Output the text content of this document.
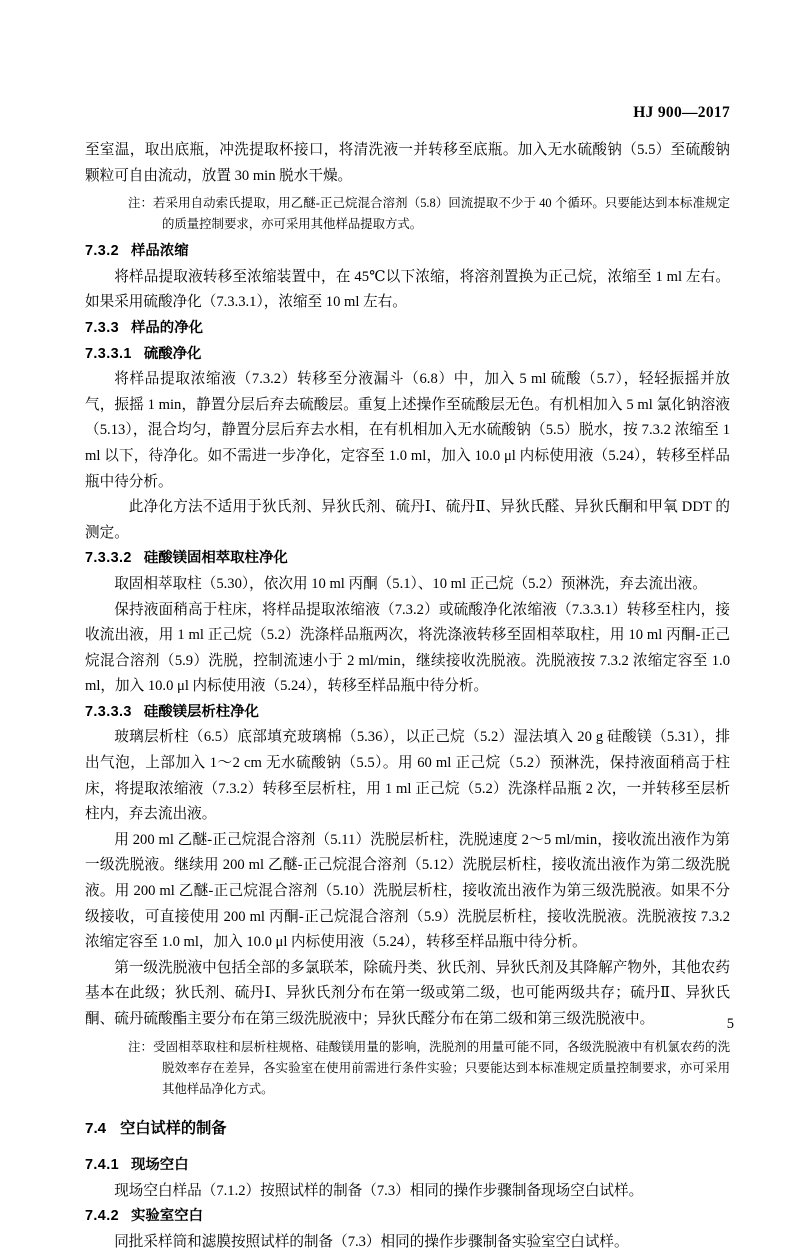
HJ 900—2017

至室温，取出底瓶，冲洗提取杯接口，将清洗液一并转移至底瓶。加入无水硫酸钠（5.5）至硫酸钠颗粒可自由流动，放置 30 min 脱水干燥。

注：若采用自动索氏提取，用乙醚-正己烷混合溶剂（5.8）回流提取不少于 40 个循环。只要能达到本标准规定的质量控制要求，亦可采用其他样品提取方式。

7.3.2 样品浓缩

将样品提取液转移至浓缩装置中，在 45℃以下浓缩，将溶剂置换为正己烷，浓缩至 1 ml 左右。如果采用硫酸净化（7.3.3.1），浓缩至 10 ml 左右。

7.3.3 样品的净化
7.3.3.1 硫酸净化

将样品提取浓缩液（7.3.2）转移至分液漏斗（6.8）中，加入 5 ml 硫酸（5.7），轻轻振摇并放气，振摇 1 min，静置分层后弃去硫酸层。重复上述操作至硫酸层无色。有机相加入 5 ml 氯化钠溶液（5.13），混合均匀，静置分层后弃去水相，在有机相加入无水硫酸钠（5.5）脱水，按 7.3.2 浓缩至 1 ml 以下，待净化。如不需进一步净化，定容至 1.0 ml，加入 10.0 μl 内标使用液（5.24），转移至样品瓶中待分析。

此净化方法不适用于狄氏剂、异狄氏剂、硫丹Ⅰ、硫丹Ⅱ、异狄氏醛、异狄氏酮和甲氧 DDT 的测定。

7.3.3.2 硅酸镁固相萃取柱净化

取固相萃取柱（5.30），依次用 10 ml 丙酮（5.1）、10 ml 正己烷（5.2）预淋洗，弃去流出液。

保持液面稍高于柱床，将样品提取浓缩液（7.3.2）或硫酸净化浓缩液（7.3.3.1）转移至柱内，接收流出液，用 1 ml 正己烷（5.2）洗涤样品瓶两次，将洗涤液转移至固相萃取柱，用 10 ml 丙酮-正己烷混合溶剂（5.9）洗脱，控制流速小于 2 ml/min，继续接收洗脱液。洗脱液按 7.3.2 浓缩定容至 1.0 ml，加入 10.0 μl 内标使用液（5.24），转移至样品瓶中待分析。

7.3.3.3 硅酸镁层析柱净化

玻璃层析柱（6.5）底部填充玻璃棉（5.36），以正己烷（5.2）湿法填入 20 g 硅酸镁（5.31），排出气泡，上部加入 1～2 cm 无水硫酸钠（5.5）。用 60 ml 正己烷（5.2）预淋洗，保持液面稍高于柱床，将提取浓缩液（7.3.2）转移至层析柱，用 1 ml 正己烷（5.2）洗涤样品瓶 2 次，一并转移至层析柱内，弃去流出液。

用 200 ml 乙醚-正己烷混合溶剂（5.11）洗脱层析柱，洗脱速度 2～5 ml/min，接收流出液作为第一级洗脱液。继续用 200 ml 乙醚-正己烷混合溶剂（5.12）洗脱层析柱，接收流出液作为第二级洗脱液。用 200 ml 乙醚-正己烷混合溶剂（5.10）洗脱层析柱，接收流出液作为第三级洗脱液。如果不分级接收，可直接使用 200 ml 丙酮-正己烷混合溶剂（5.9）洗脱层析柱，接收洗脱液。洗脱液按 7.3.2 浓缩定容至 1.0 ml，加入 10.0 μl 内标使用液（5.24），转移至样品瓶中待分析。

第一级洗脱液中包括全部的多氯联苯，除硫丹类、狄氏剂、异狄氏剂及其降解产物外，其他农药基本在此级；狄氏剂、硫丹Ⅰ、异狄氏剂分布在第一级或第二级，也可能两级共存；硫丹Ⅱ、异狄氏酮、硫丹硫酸酯主要分布在第三级洗脱液中；异狄氏醛分布在第二级和第三级洗脱液中。

注：受固相萃取柱和层析柱规格、硅酸镁用量的影响，洗脱剂的用量可能不同，各级洗脱液中有机氯农药的洗脱效率存在差异，各实验室在使用前需进行条件实验；只要能达到本标准规定质量控制要求，亦可采用其他样品净化方式。

7.4 空白试样的制备
7.4.1 现场空白

现场空白样品（7.1.2）按照试样的制备（7.3）相同的操作步骤制备现场空白试样。

7.4.2 实验室空白

同批采样筒和滤膜按照试样的制备（7.3）相同的操作步骤制备实验室空白试样。

5
